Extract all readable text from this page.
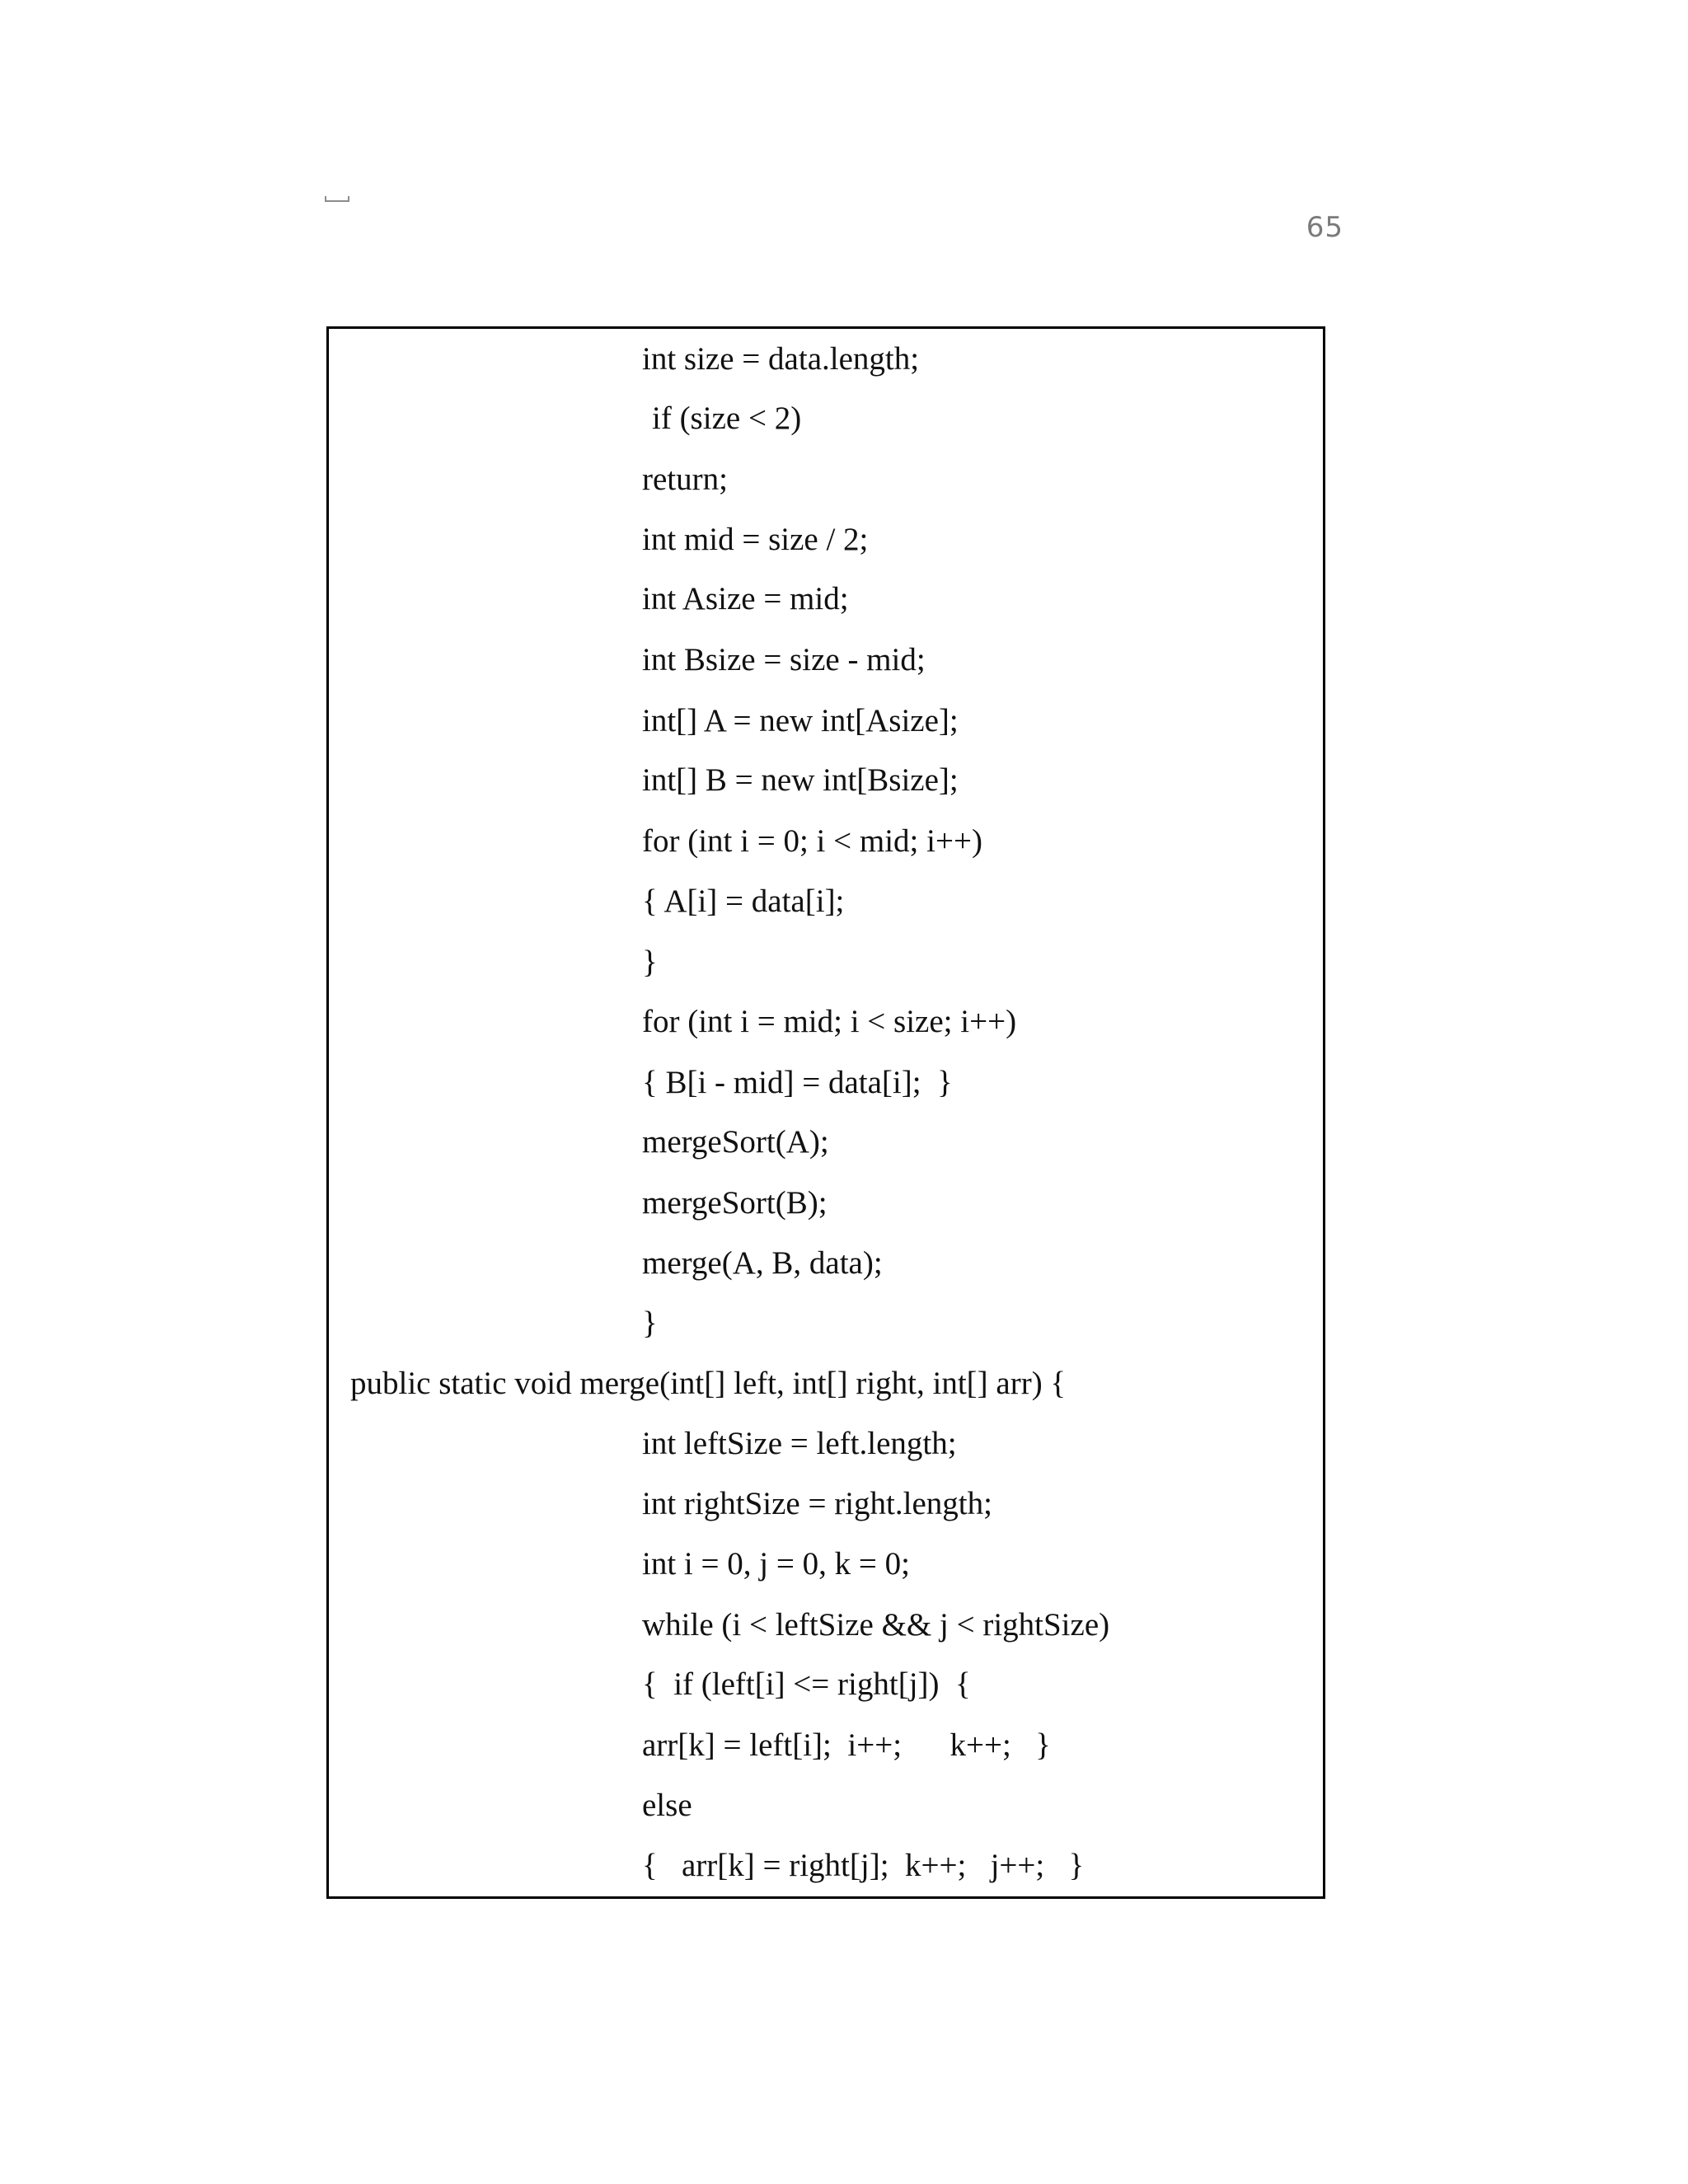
65
int size = data.length;
if (size < 2)
return;
int mid = size / 2;
int Asize = mid;
int Bsize = size - mid;
int[] A = new int[Asize];
int[] B = new int[Bsize];
for (int i = 0; i < mid; i++)
{ A[i] = data[i];
}
for (int i = mid; i < size; i++)
{ B[i - mid] = data[i];  }
mergeSort(A);
mergeSort(B);
merge(A, B, data);
}
public static void merge(int[] left, int[] right, int[] arr) {
int leftSize = left.length;
int rightSize = right.length;
int i = 0, j = 0, k = 0;
while (i < leftSize && j < rightSize)
{  if (left[i] <= right[j])  {
arr[k] = left[i];  i++;      k++;   }
else
{   arr[k] = right[j];  k++;   j++;   }
